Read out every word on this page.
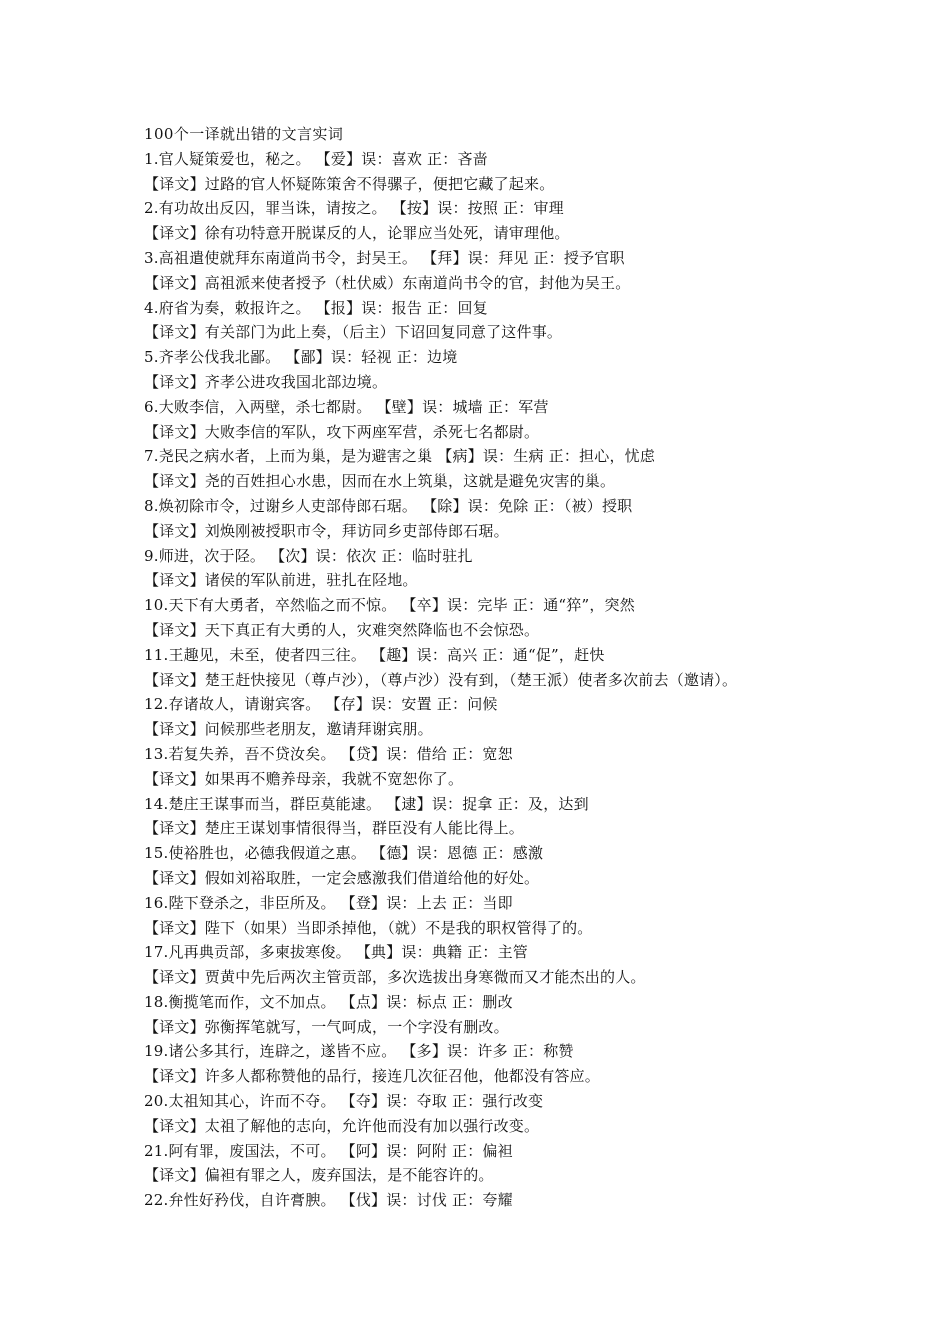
100个一译就出错的文言实词
1.官人疑策爱也，秘之。 【爱】误：喜欢 正：吝啬
【译文】过路的官人怀疑陈策舍不得骡子，便把它藏了起来。
2.有功故出反囚，罪当诛，请按之。 【按】误：按照 正：审理
【译文】徐有功特意开脱谋反的人，论罪应当处死，请审理他。
3.高祖遣使就拜东南道尚书令，封吴王。 【拜】误：拜见 正：授予官职
【译文】高祖派来使者授予（杜伏威）东南道尚书令的官，封他为吴王。
4.府省为奏，敕报许之。 【报】误：报告 正：回复
【译文】有关部门为此上奏，（后主）下诏回复同意了这件事。
5.齐孝公伐我北鄙。 【鄙】误：轻视 正：边境
【译文】齐孝公进攻我国北部边境。
6.大败李信，入两壁，杀七都尉。 【壁】误：城墙 正：军营
【译文】大败李信的军队，攻下两座军营，杀死七名都尉。
7.尧民之病水者，上而为巢，是为避害之巢 【病】误：生病 正：担心，忧虑
【译文】尧的百姓担心水患，因而在水上筑巢，这就是避免灾害的巢。
8.焕初除市令，过谢乡人吏部侍郎石琚。 【除】误：免除 正：（被）授职
【译文】刘焕刚被授职市令，拜访同乡吏部侍郎石琚。
9.师进，次于陉。 【次】误：依次 正：临时驻扎
【译文】诸侯的军队前进，驻扎在陉地。
10.天下有大勇者，卒然临之而不惊。 【卒】误：完毕 正：通“猝”，突然
【译文】天下真正有大勇的人，灾难突然降临也不会惊恐。
11.王趣见，未至，使者四三往。 【趣】误：高兴 正：通“促”，赶快
【译文】楚王赶快接见（尊卢沙），（尊卢沙）没有到，（楚王派）使者多次前去（邀请）。
12.存诸故人，请谢宾客。 【存】误：安置 正：问候
【译文】问候那些老朋友，邀请拜谢宾朋。
13.若复失养，吾不贷汝矣。 【贷】误：借给 正：宽恕
【译文】如果再不赡养母亲，我就不宽恕你了。
14.楚庄王谋事而当，群臣莫能逮。 【逮】误：捉拿 正：及，达到
【译文】楚庄王谋划事情很得当，群臣没有人能比得上。
15.使裕胜也，必德我假道之惠。 【德】误：恩德 正：感激
【译文】假如刘裕取胜，一定会感激我们借道给他的好处。
16.陛下登杀之，非臣所及。 【登】误：上去 正：当即
【译文】陛下（如果）当即杀掉他，（就）不是我的职权管得了的。
17.凡再典贡部，多柬拔寒俊。 【典】误：典籍 正：主管
【译文】贾黄中先后两次主管贡部，多次选拔出身寒微而又才能杰出的人。
18.衡揽笔而作，文不加点。 【点】误：标点 正：删改
【译文】弥衡挥笔就写，一气呵成，一个字没有删改。
19.诸公多其行，连辟之，遂皆不应。 【多】误：许多 正：称赞
【译文】许多人都称赞他的品行，接连几次征召他，他都没有答应。
20.太祖知其心，许而不夺。 【夺】误：夺取 正：强行改变
【译文】太祖了解他的志向，允许他而没有加以强行改变。
21.阿有罪，废国法，不可。 【阿】误：阿附 正：偏袒
【译文】偏袒有罪之人，废弃国法，是不能容许的。
22.弁性好矜伐，自许膏腴。 【伐】误：讨伐 正：夸耀
